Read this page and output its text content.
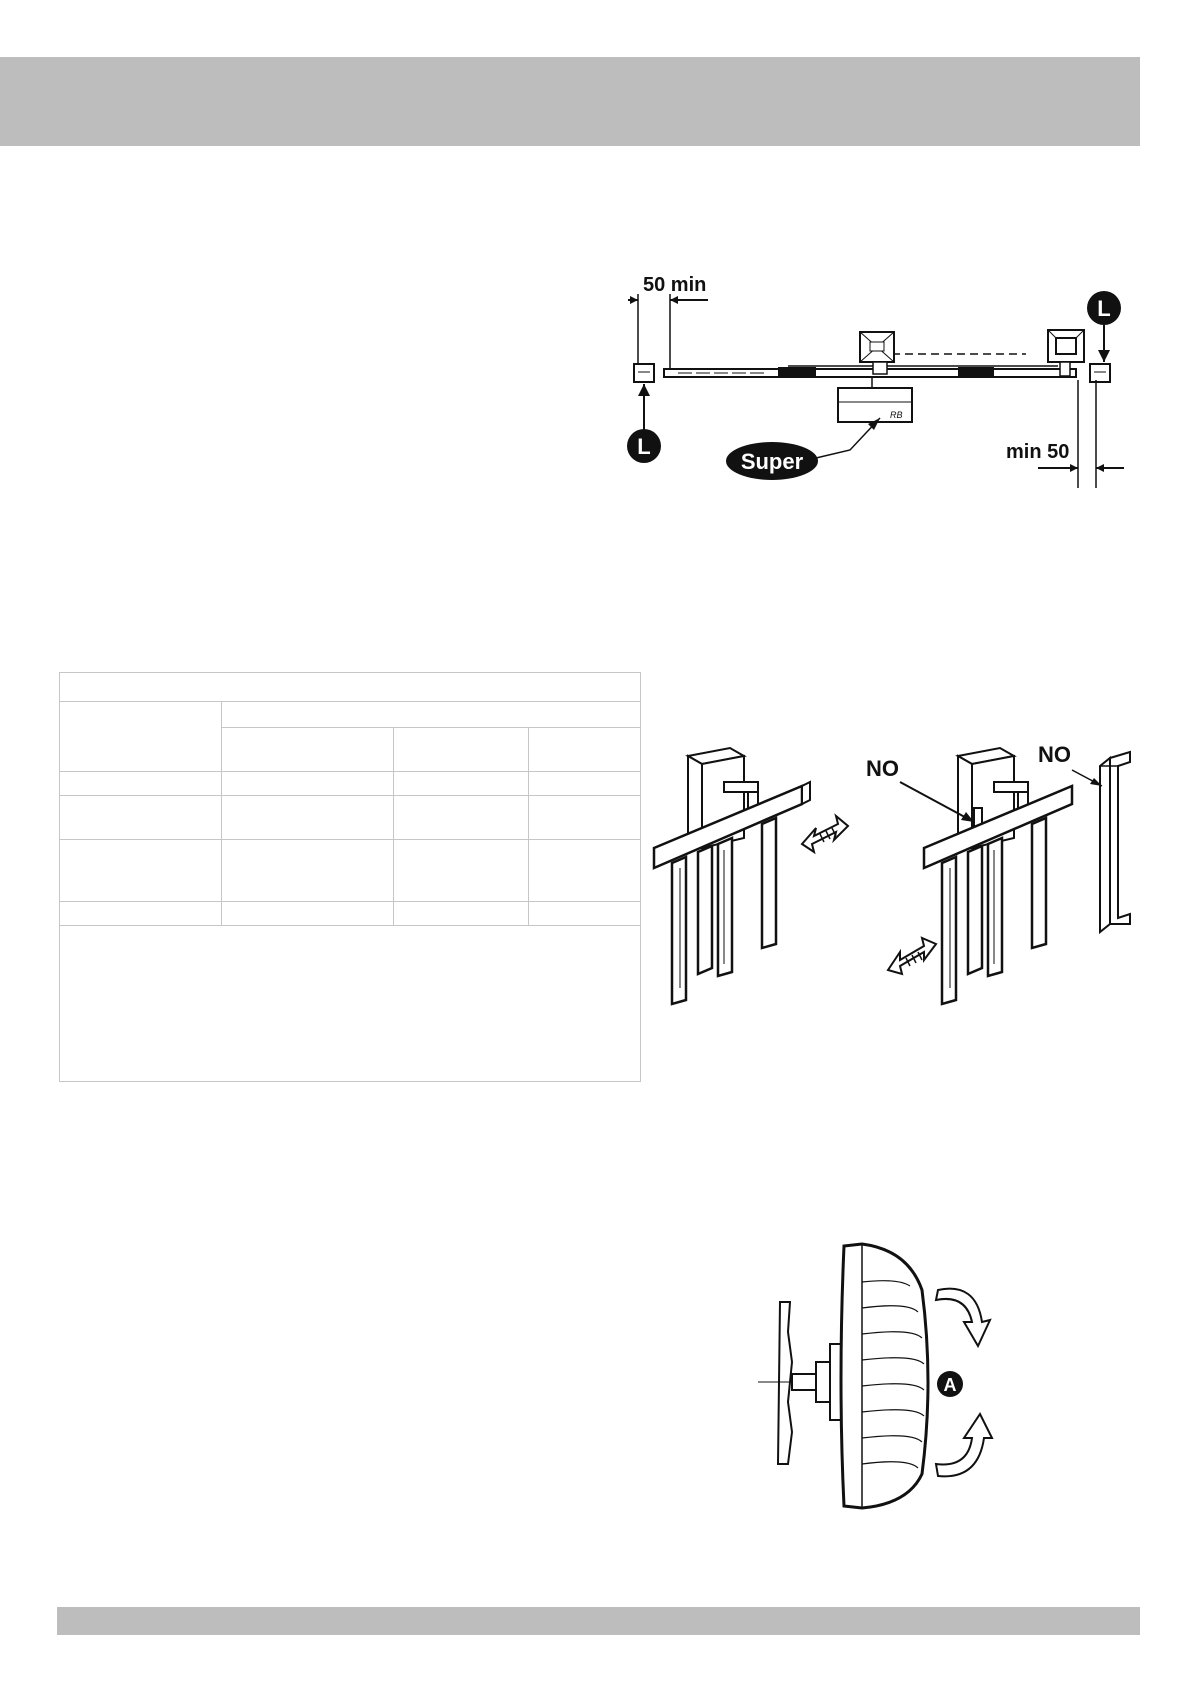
50 min
RB
Super
L
L
min 50
NO
NO
A
